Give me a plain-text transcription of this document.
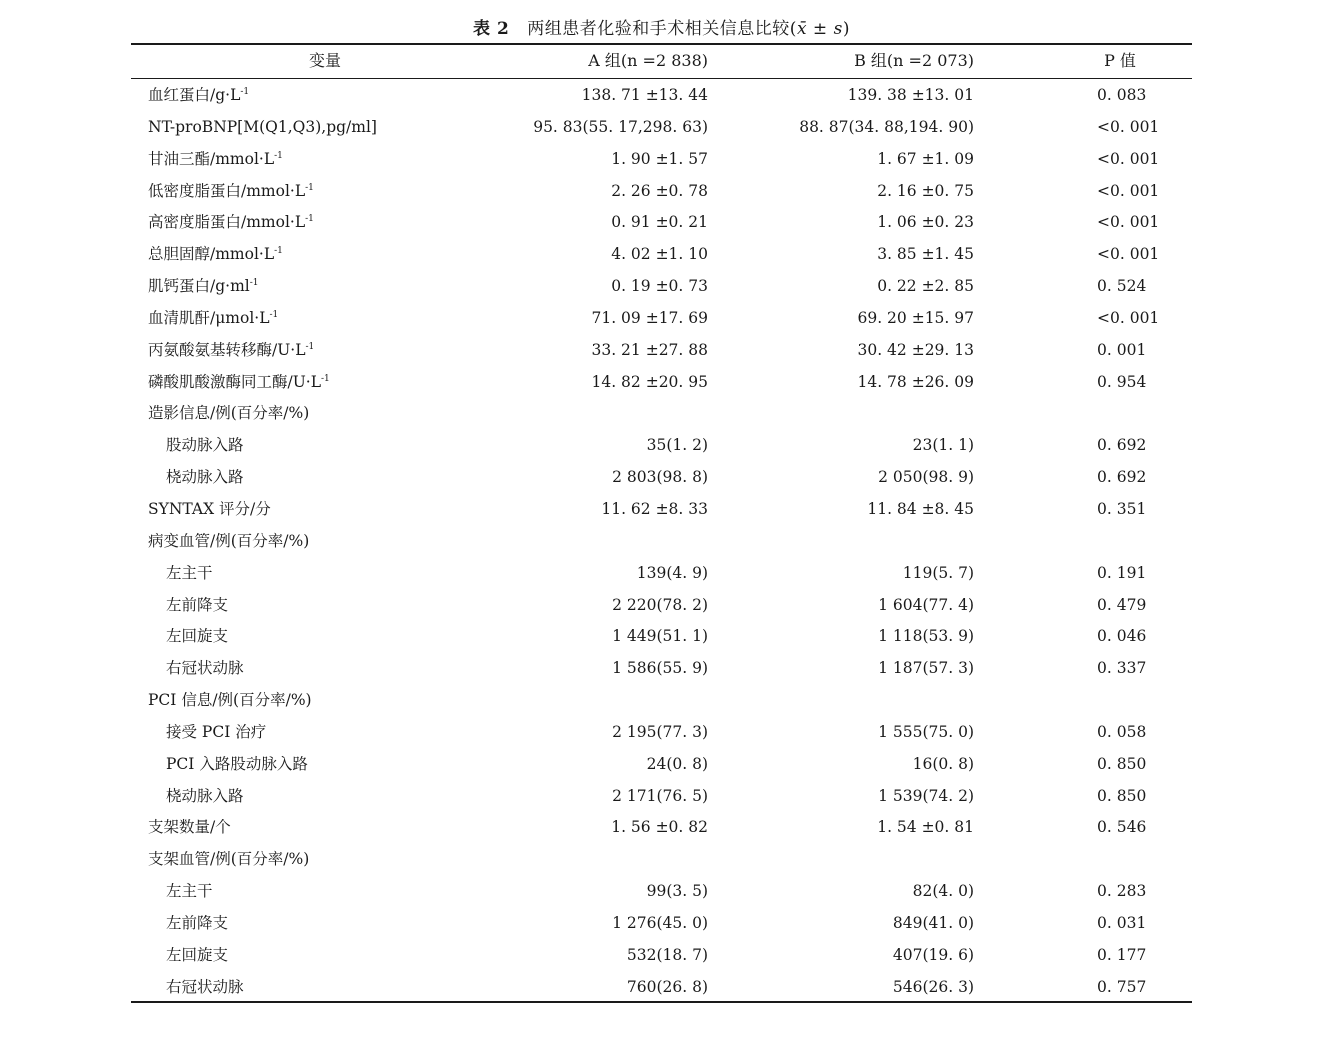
表 2 两组患者化验和手术相关信息比较(x̄ ± s)
变量	A 组(n =2 838)	B 组(n =2 073)	P 值
血红蛋白$/g\cdot L^{-1}$	138. 71 ±13. 44	139. 38 ±13. 01	0. 083
NT-proBNP[M(Q1,Q3),pg/ml]	95. 83(55. 17,298. 63)	88. 87(34. 88,194. 90)	<0. 001
甘油三酯$/mmol\cdot L^{-1}$	1. 90 ±1. 57	1. 67 ±1. 09	<0. 001
低密度脂蛋白$/mmol\cdot L^{-1}$	2. 26 ±0. 78	2. 16 ±0. 75	<0. 001
高密度脂蛋白$/mmol\cdot L^{-1}$	0. 91 ±0. 21	1. 06 ±0. 23	<0. 001
总胆固醇$/mmol\cdot L^{-1}$	4. 02 ±1. 10	3. 85 ±1. 45	<0. 001
肌钙蛋白$/g\cdot ml^{-1}$	0. 19 ±0. 73	0. 22 ±2. 85	0. 524
血清肌酐$/\mu mol\cdot L^{-1}$	71. 09 ±17. 69	69. 20 ±15. 97	<0. 001
丙氨酸氨基转移酶$/U\cdot L^{-1}$	33. 21 ±27. 88	30. 42 ±29. 13	0. 001
磷酸肌酸激酶同工酶$/U\cdot L^{-1}$	14. 82 ±20. 95	14. 78 ±26. 09	0. 954
造影信息/例(百分率/%)
股动脉入路	35(1. 2)	23(1. 1)	0. 692
桡动脉入路	2 803(98. 8)	2 050(98. 9)	0. 692
SYNTAX 评分/分	11. 62 ±8. 33	11. 84 ±8. 45	0. 351
病变血管/例(百分率/%)
左主干	139(4. 9)	119(5. 7)	0. 191
左前降支	2 220(78. 2)	1 604(77. 4)	0. 479
左回旋支	1 449(51. 1)	1 118(53. 9)	0. 046
右冠状动脉	1 586(55. 9)	1 187(57. 3)	0. 337
PCI 信息/例(百分率/%)
接受 PCI 治疗	2 195(77. 3)	1 555(75. 0)	0. 058
PCI 入路股动脉入路	24(0. 8)	16(0. 8)	0. 850
桡动脉入路	2 171(76. 5)	1 539(74. 2)	0. 850
支架数量/个	1. 56 ±0. 82	1. 54 ±0. 81	0. 546
支架血管/例(百分率/%)
左主干	99(3. 5)	82(4. 0)	0. 283
左前降支	1 276(45. 0)	849(41. 0)	0. 031
左回旋支	532(18. 7)	407(19. 6)	0. 177
右冠状动脉	760(26. 8)	546(26. 3)	0. 757
